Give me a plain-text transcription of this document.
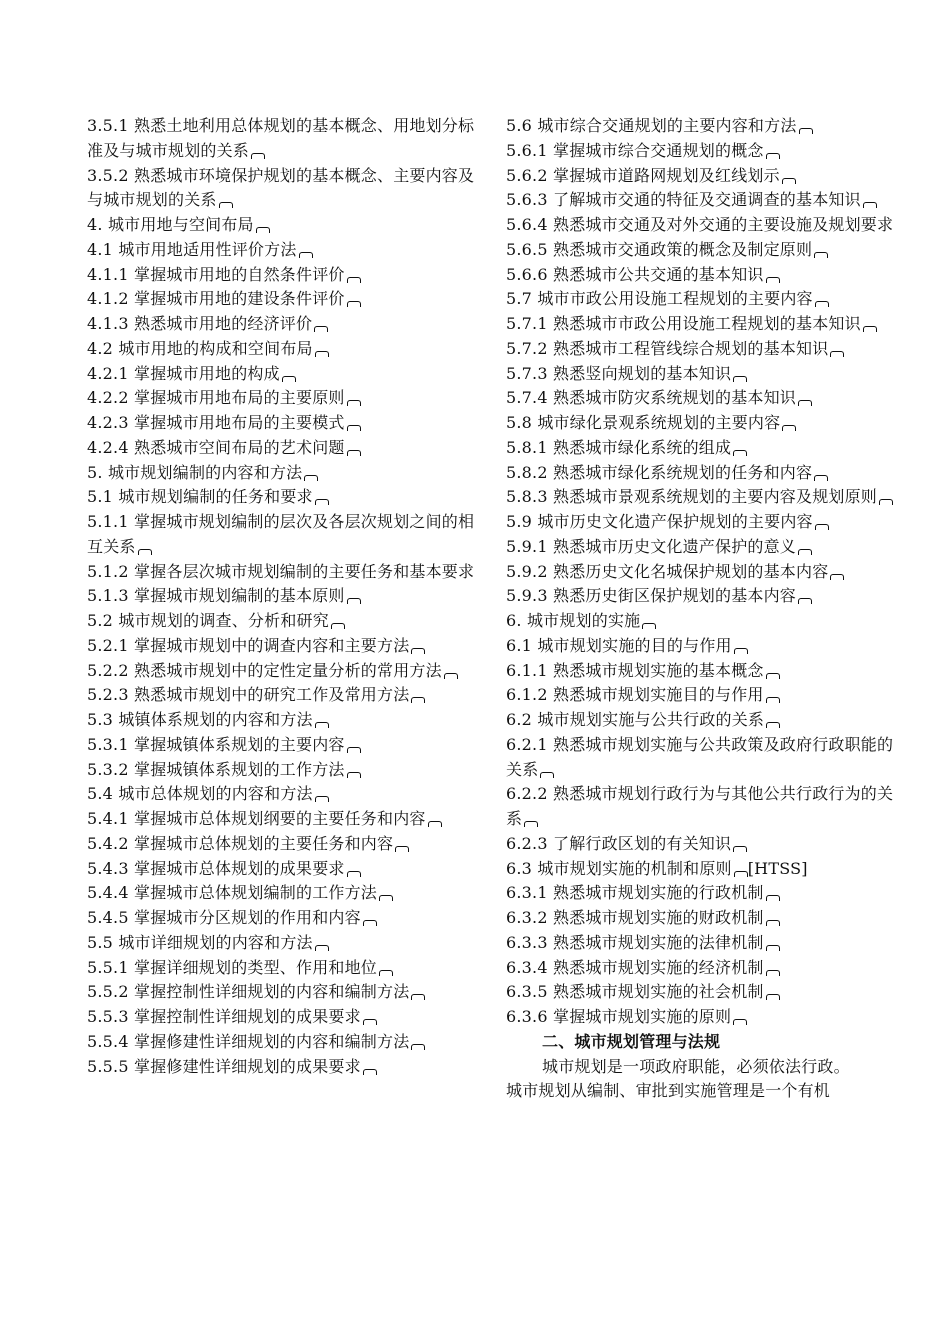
3.5.1 熟悉土地利用总体规划的基本概念、用地划分标准及与城市规划的关系
3.5.2 熟悉城市环境保护规划的基本概念、主要内容及与城市规划的关系
4. 城市用地与空间布局
4.1 城市用地适用性评价方法
4.1.1 掌握城市用地的自然条件评价
4.1.2 掌握城市用地的建设条件评价
4.1.3 熟悉城市用地的经济评价
4.2 城市用地的构成和空间布局
4.2.1 掌握城市用地的构成
4.2.2 掌握城市用地布局的主要原则
4.2.3 掌握城市用地布局的主要模式
4.2.4 熟悉城市空间布局的艺术问题
5. 城市规划编制的内容和方法
5.1 城市规划编制的任务和要求
5.1.1 掌握城市规划编制的层次及各层次规划之间的相互关系
5.1.2 掌握各层次城市规划编制的主要任务和基本要求
5.1.3 掌握城市规划编制的基本原则
5.2 城市规划的调查、分析和研究
5.2.1 掌握城市规划中的调查内容和主要方法
5.2.2 熟悉城市规划中的定性定量分析的常用方法
5.2.3 熟悉城市规划中的研究工作及常用方法
5.3 城镇体系规划的内容和方法
5.3.1 掌握城镇体系规划的主要内容
5.3.2 掌握城镇体系规划的工作方法
5.4 城市总体规划的内容和方法
5.4.1 掌握城市总体规划纲要的主要任务和内容
5.4.2 掌握城市总体规划的主要任务和内容
5.4.3 掌握城市总体规划的成果要求
5.4.4 掌握城市总体规划编制的工作方法
5.4.5 掌握城市分区规划的作用和内容
5.5 城市详细规划的内容和方法
5.5.1 掌握详细规划的类型、作用和地位
5.5.2 掌握控制性详细规划的内容和编制方法
5.5.3 掌握控制性详细规划的成果要求
5.5.4 掌握修建性详细规划的内容和编制方法
5.5.5 掌握修建性详细规划的成果要求
5.6 城市综合交通规划的主要内容和方法
5.6.1 掌握城市综合交通规划的概念
5.6.2 掌握城市道路网规划及红线划示
5.6.3 了解城市交通的特征及交通调查的基本知识
5.6.4 熟悉城市交通及对外交通的主要设施及规划要求
5.6.5 熟悉城市交通政策的概念及制定原则
5.6.6 熟悉城市公共交通的基本知识
5.7 城市市政公用设施工程规划的主要内容
5.7.1 熟悉城市市政公用设施工程规划的基本知识
5.7.2 熟悉城市工程管线综合规划的基本知识
5.7.3 熟悉竖向规划的基本知识
5.7.4 熟悉城市防灾系统规划的基本知识
5.8 城市绿化景观系统规划的主要内容
5.8.1 熟悉城市绿化系统的组成
5.8.2 熟悉城市绿化系统规划的任务和内容
5.8.3 熟悉城市景观系统规划的主要内容及规划原则
5.9 城市历史文化遗产保护规划的主要内容
5.9.1 熟悉城市历史文化遗产保护的意义
5.9.2 熟悉历史文化名城保护规划的基本内容
5.9.3 熟悉历史街区保护规划的基本内容
6. 城市规划的实施
6.1 城市规划实施的目的与作用
6.1.1 熟悉城市规划实施的基本概念
6.1.2 熟悉城市规划实施目的与作用
6.2 城市规划实施与公共行政的关系
6.2.1 熟悉城市规划实施与公共政策及政府行政职能的关系
6.2.2 熟悉城市规划行政行为与其他公共行政行为的关系
6.2.3 了解行政区划的有关知识
6.3 城市规划实施的机制和原则 [HTSS]
6.3.1 熟悉城市规划实施的行政机制
6.3.2 熟悉城市规划实施的财政机制
6.3.3 熟悉城市规划实施的法律机制
6.3.4 熟悉城市规划实施的经济机制
6.3.5 熟悉城市规划实施的社会机制
6.3.6 掌握城市规划实施的原则
二、城市规划管理与法规
城市规划是一项政府职能，必须依法行政。
城市规划从编制、审批到实施管理是一个有机
